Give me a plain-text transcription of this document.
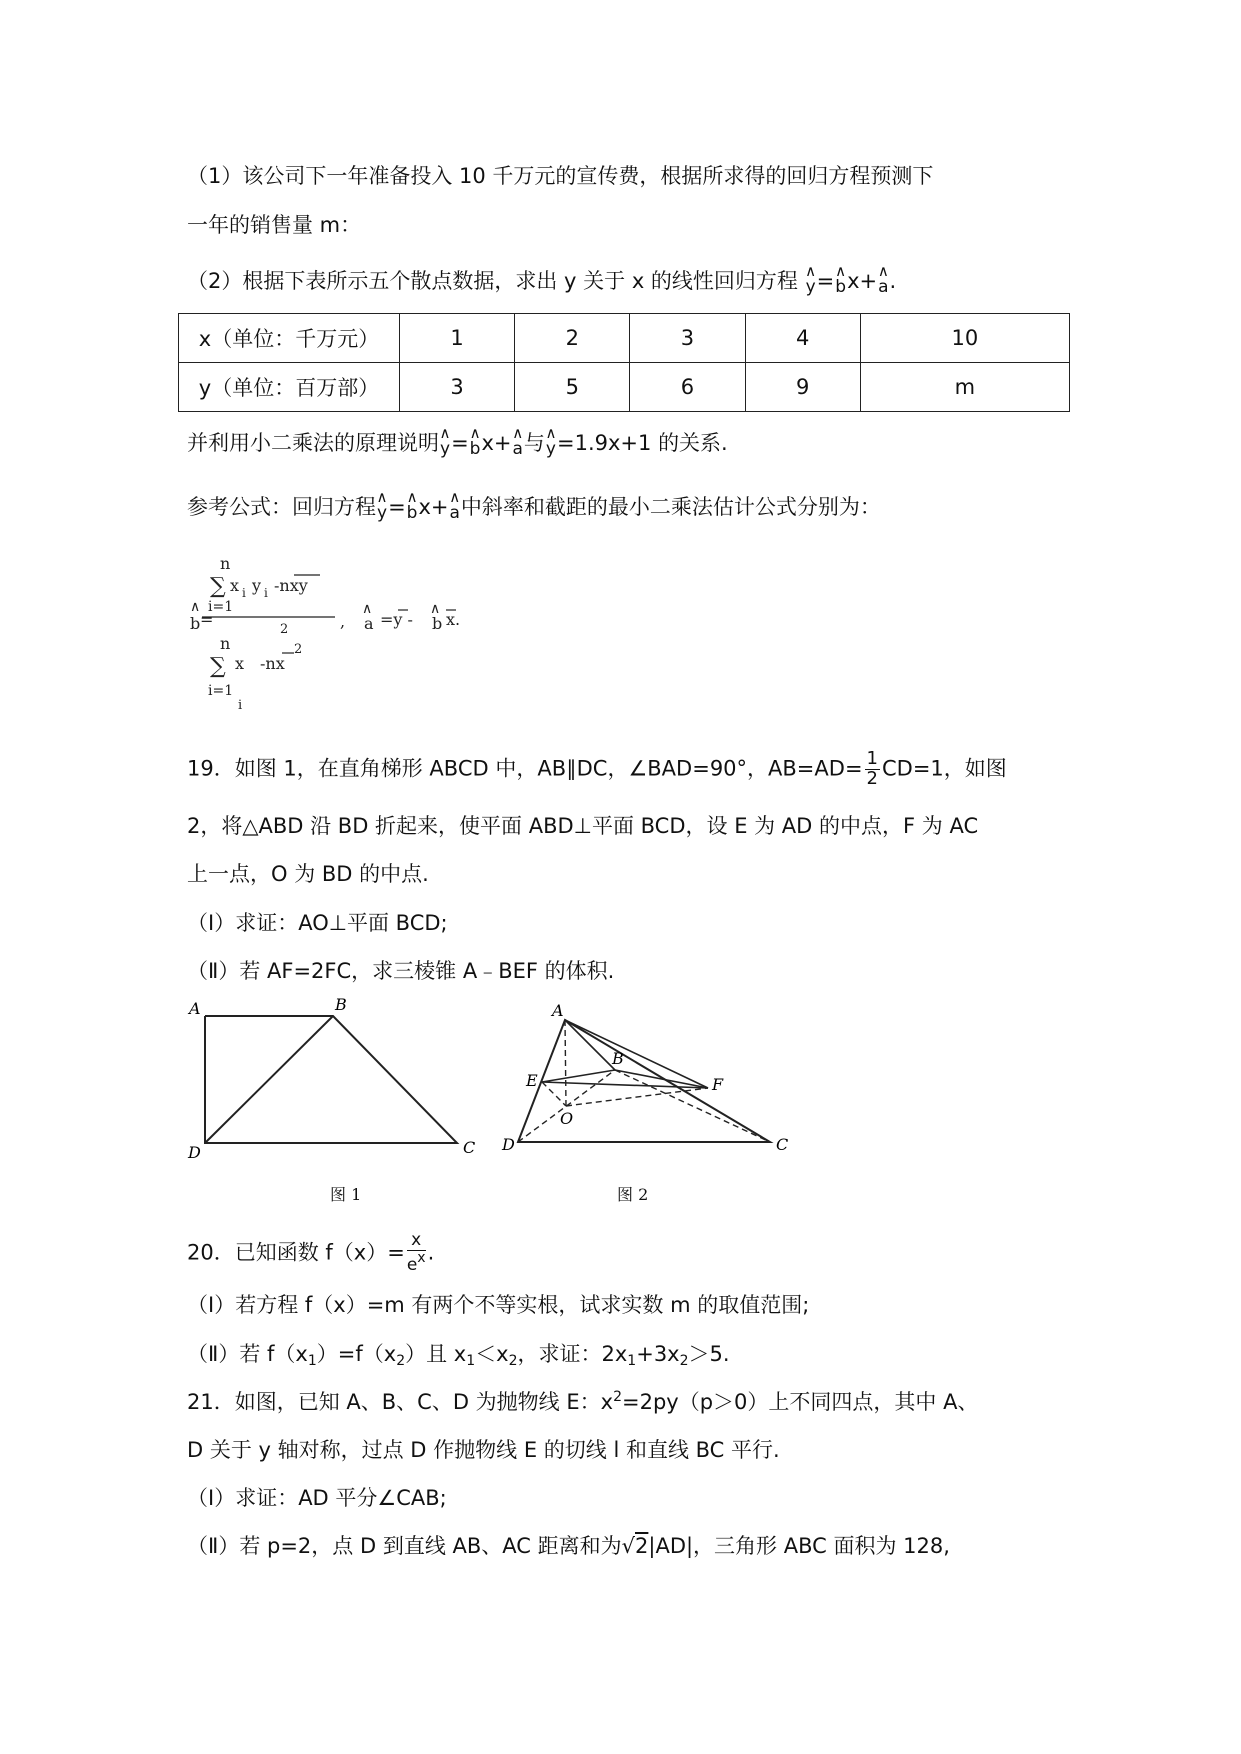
（1）该公司下一年准备投入 10 千万元的宣传费，根据所求得的回归方程预测下
一年的销售量 m：
（2）根据下表所示五个散点数据，求出 y 关于 x 的线性回归方程 ∧ y=∧ bx+∧ a.
x（单位：千万元）	1	2	3	4	10
y（单位：百万部）	3	5	6	9	m
并利用小二乘法的原理说明∧ y=∧ bx+∧ a与∧ y=1.9x+1 的关系.
参考公式：回归方程∧ y=∧ bx+∧ a中斜率和截距的最小二乘法估计公式分别为：
n
∑ x i y i -nxy
i=1
2
n
∑ x -nx
2
i=1
i
∧
b =	,
∧
a =y -
∧
b x.
19．如图 1，在直角梯形 ABCD 中，AB∥DC，∠BAD=90°，$AB=AD= \frac{1}{2} CD=1$，如图
2，将△ABD 沿 BD 折起来，使平面 ABD⊥平面 BCD，设 E 为 AD 的中点，F 为 AC
上一点，O 为 BD 的中点.
（Ⅰ）求证：AO⊥平面 BCD;
（Ⅱ）若 AF=2FC，求三棱锥 A﹣BEF 的体积.
A	B
C
D
图 1
A
B
C
D
E	F
O
图 2
20．已知函数 $f(x)= \frac{x}{e^x}$ .
（Ⅰ）若方程 f（x）=m 有两个不等实根，试求实数 m 的取值范围;
（Ⅱ）若 $f(x_1)=f(x_2)$且 $x_1<x_2$，求证：$2x_1+3x_2>5$.
21．如图，已知 A、B、C、D 为抛物线 E：$x^2=2py(p>0)$上不同四点，其中 A、
D 关于 y 轴对称，过点 D 作抛物线 E 的切线 l 和直线 BC 平行.
（Ⅰ）求证：AD 平分∠CAB;
（Ⅱ）若 p=2，点 D 到直线 AB、AC 距离和为√2|AD|，三角形 ABC 面积为 128,
